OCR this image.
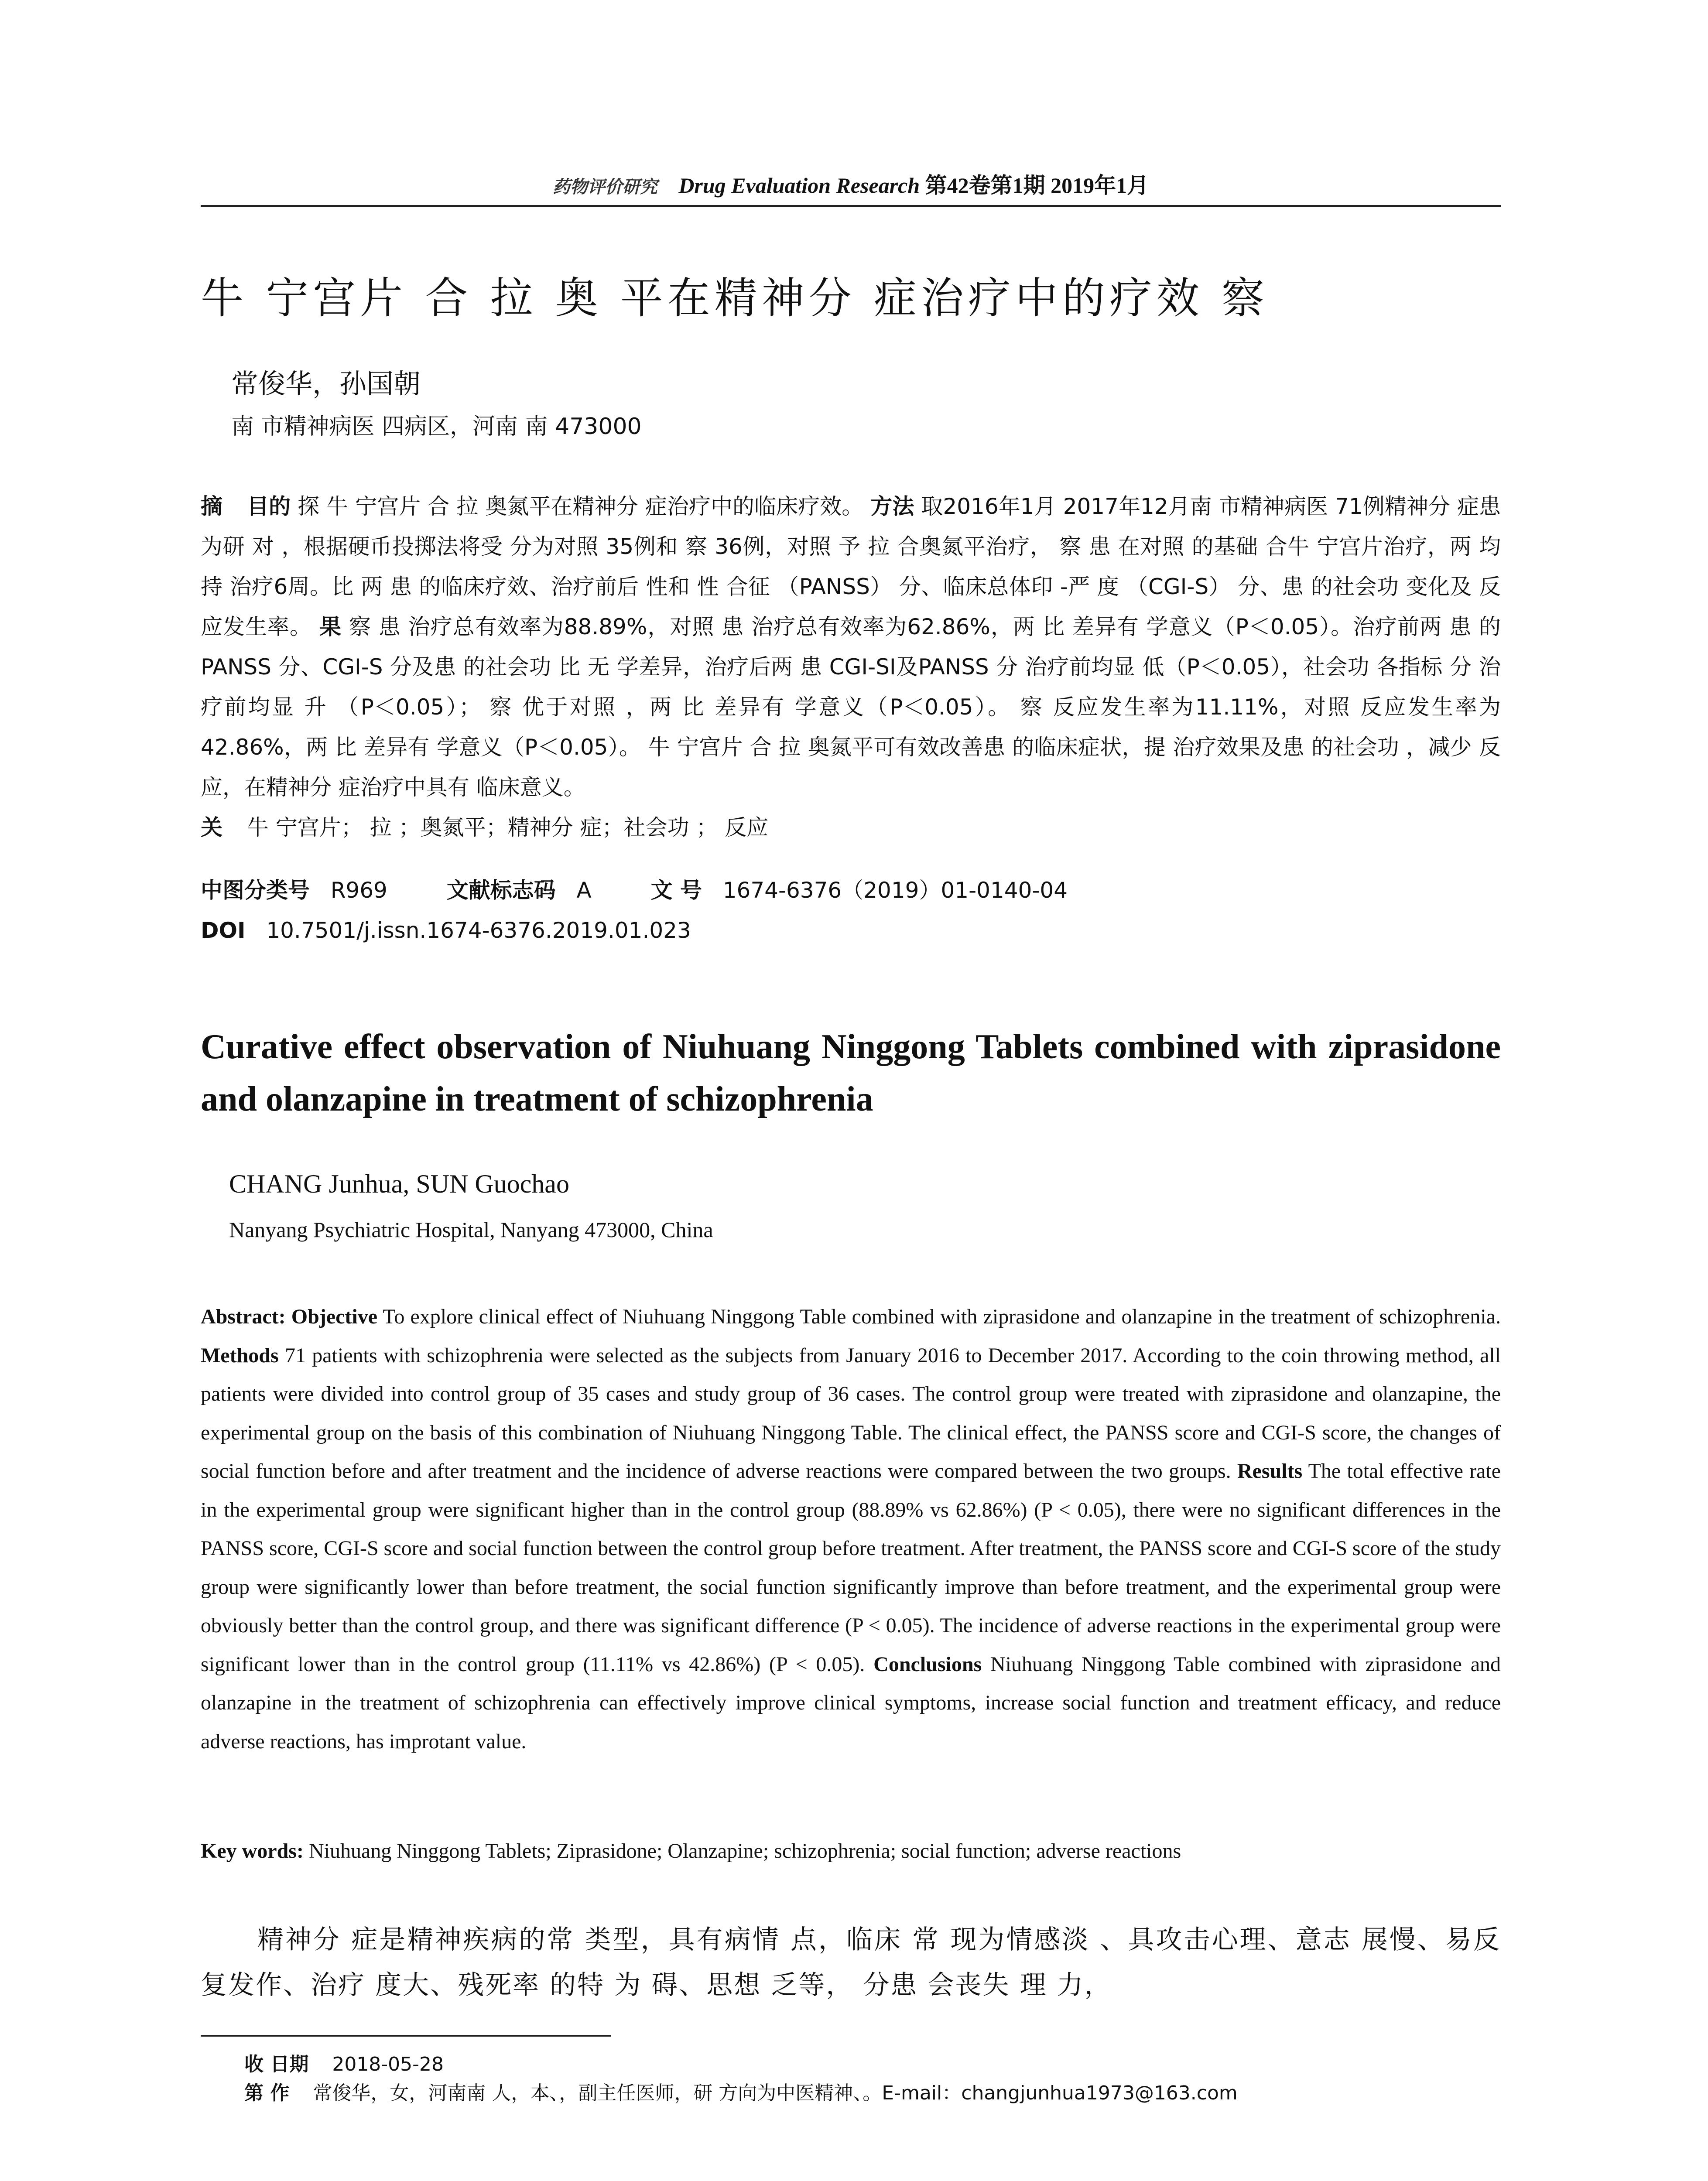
药物评价研究 Drug Evaluation Research 第42卷第1期 2019年1月
牛 宁宫片 合 拉 奥 平在精神分 症治疗中的疗效 察
常俊华，孙国朝
南 市精神病医 四病区，河南 南 473000
摘 目的 探 牛 宁宫片 合 拉 奥氮平在精神分 症治疗中的临床疗效。 方法 取2016年1月 2017年12月南 市精神病医 71例精神分 症患 为研 对 ，根据硬币投掷法将受 分为对照 35例和 察 36例，对照 予 拉 合奥氮平治疗， 察 患 在对照 的基础 合牛 宁宫片治疗，两 均持 治疗6周。比 两 患 的临床疗效、治疗前后 性和 性 合征 （PANSS） 分、临床总体印 -严 度 （CGI-S） 分、患 的社会功 变化及 反应发生率。 果 察 患 治疗总有效率为88.89%，对照 患 治疗总有效率为62.86%，两 比 差异有 学意义（P＜0.05）。治疗前两 患 的PANSS 分、CGI-S 分及患 的社会功 比 无 学差异，治疗后两 患 CGI-SI及PANSS 分 治疗前均显 低（P＜0.05），社会功 各指标 分 治疗前均显 升 （P＜0.05）； 察 优于对照 ，两 比 差异有 学意义（P＜0.05）。 察 反应发生率为11.11%，对照 反应发生率为42.86%，两 比 差异有 学意义（P＜0.05）。 牛 宁宫片 合 拉 奥氮平可有效改善患 的临床症状，提 治疗效果及患 的社会功 ，减少 反应，在精神分 症治疗中具有 临床意义。
关 牛 宁宫片； 拉 ；奥氮平；精神分 症；社会功 ； 反应
中图分类号 R969	文献标志码 A	文 号 1674-6376（2019）01-0140-04
DOI 10.7501/j.issn.1674-6376.2019.01.023
Curative effect observation of Niuhuang Ninggong Tablets combined with ziprasidone and olanzapine in treatment of schizophrenia
CHANG Junhua, SUN Guochao
Nanyang Psychiatric Hospital, Nanyang 473000, China
Abstract: Objective To explore clinical effect of Niuhuang Ninggong Table combined with ziprasidone and olanzapine in the treatment of schizophrenia. Methods 71 patients with schizophrenia were selected as the subjects from January 2016 to December 2017. According to the coin throwing method, all patients were divided into control group of 35 cases and study group of 36 cases. The control group were treated with ziprasidone and olanzapine, the experimental group on the basis of this combination of Niuhuang Ninggong Table. The clinical effect, the PANSS score and CGI-S score, the changes of social function before and after treatment and the incidence of adverse reactions were compared between the two groups. Results The total effective rate in the experimental group were significant higher than in the control group (88.89% vs 62.86%) (P < 0.05), there were no significant differences in the PANSS score, CGI-S score and social function between the control group before treatment. After treatment, the PANSS score and CGI-S score of the study group were significantly lower than before treatment, the social function significantly improve than before treatment, and the experimental group were obviously better than the control group, and there was significant difference (P < 0.05). The incidence of adverse reactions in the experimental group were significant lower than in the control group (11.11% vs 42.86%) (P < 0.05). Conclusions Niuhuang Ninggong Table combined with ziprasidone and olanzapine in the treatment of schizophrenia can effectively improve clinical symptoms, increase social function and treatment efficacy, and reduce adverse reactions, has improtant value.
Key words: Niuhuang Ninggong Tablets; Ziprasidone; Olanzapine; schizophrenia; social function; adverse reactions
精神分 症是精神疾病的常 类型，具有病情 点，临床 常 现为情感淡 、具攻击心理、意志 展慢、易反复发作、治疗 度大、残死率 的特 为 碍、思想 乏等， 分患 会丧失 理 力，
收 日期 2018-05-28
第 作 常俊华，女，河南南 人，本、，副主任医师，研 方向为中医精神、。E-mail：changjunhua1973@163.com
